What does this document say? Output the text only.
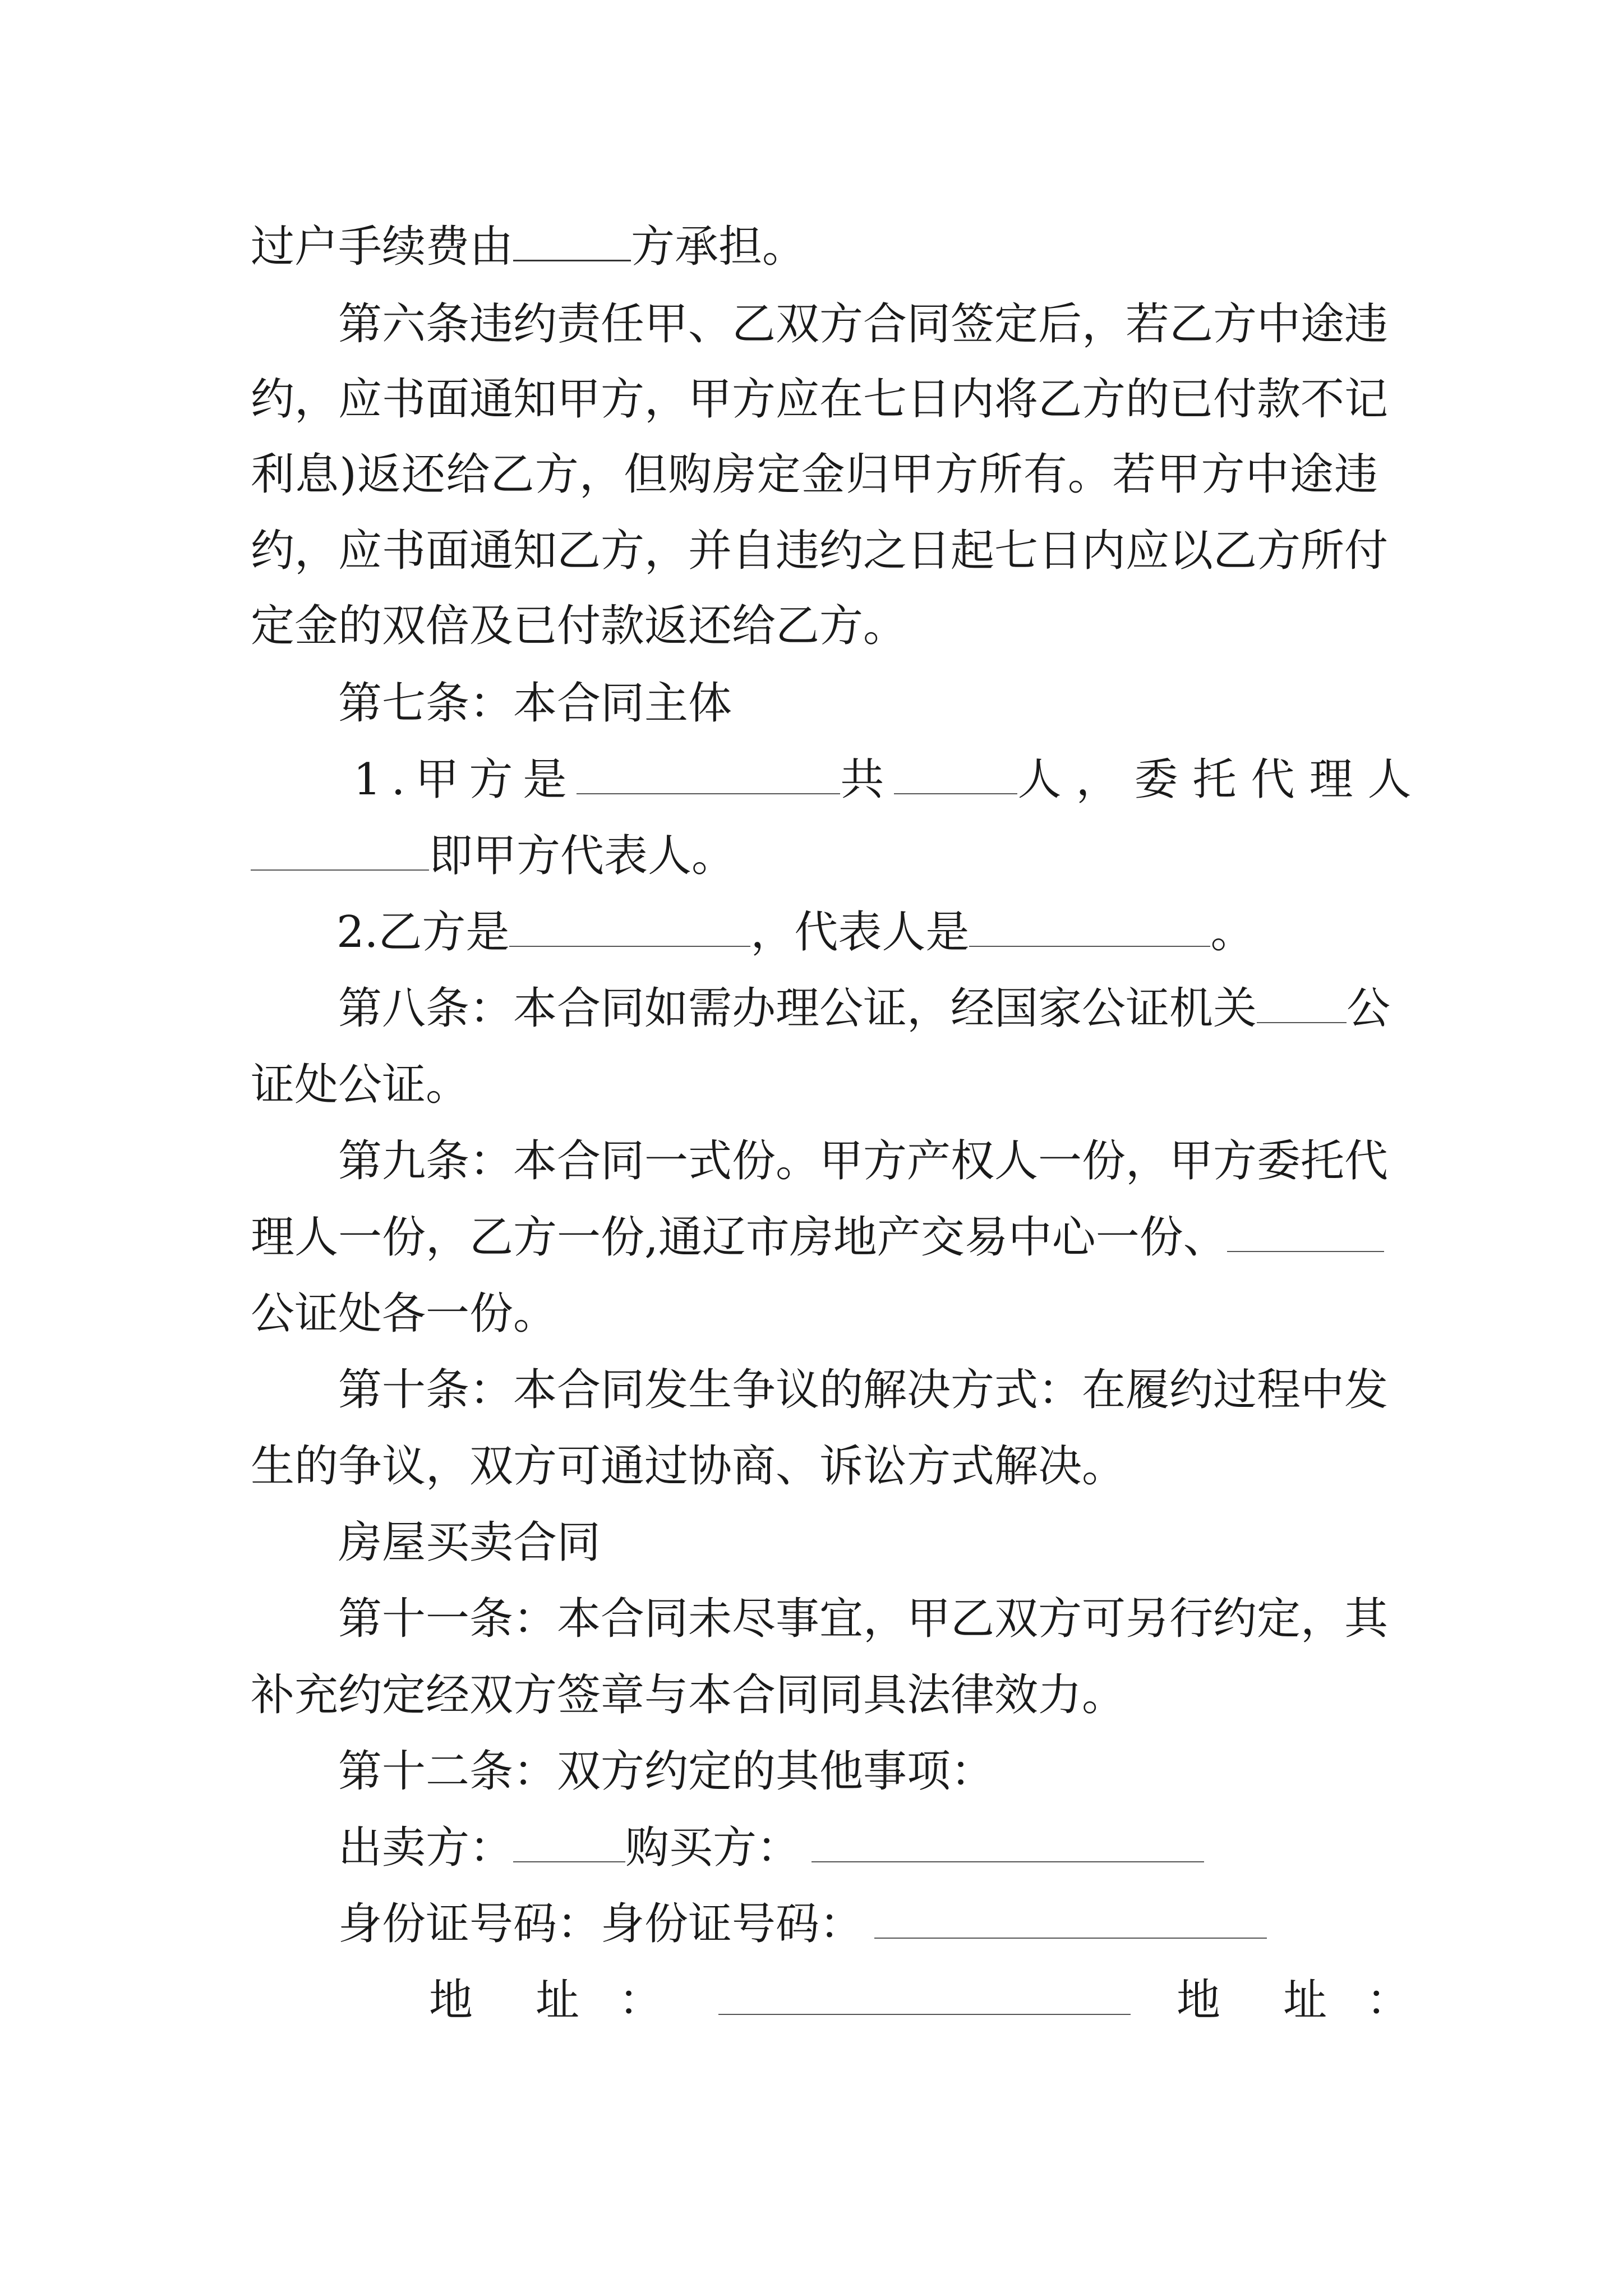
过户手续费由	方承担。
第六条违约责任甲、乙双方合同签定后，若乙方中途违
约，应书面通知甲方，甲方应在七日内将乙方的已付款不记
利息)返还给乙方，但购房定金归甲方所有。若甲方中途违
约，应书面通知乙方，并自违约之日起七日内应以乙方所付
定金的双倍及已付款返还给乙方。
第七条：本合同主体
1.甲方是	共	人，委托代理人
即甲方代表人。
2.乙方是	，代表人是	。
第八条：本合同如需办理公证，经国家公证机关 公
证处公证。
第九条：本合同一式份。甲方产权人一份，甲方委托代
理人一份，乙方一份,通辽市房地产交易中心一份、
公证处各一份。
第十条：本合同发生争议的解决方式：在履约过程中发
生的争议，双方可通过协商、诉讼方式解决。
房屋买卖合同
第十一条：本合同未尽事宜，甲乙双方可另行约定，其
补充约定经双方签章与本合同同具法律效力。
第十二条：双方约定的其他事项：
出卖方：	购买方：
身份证号码：身份证号码：
地 址 ：	地 址 ：
